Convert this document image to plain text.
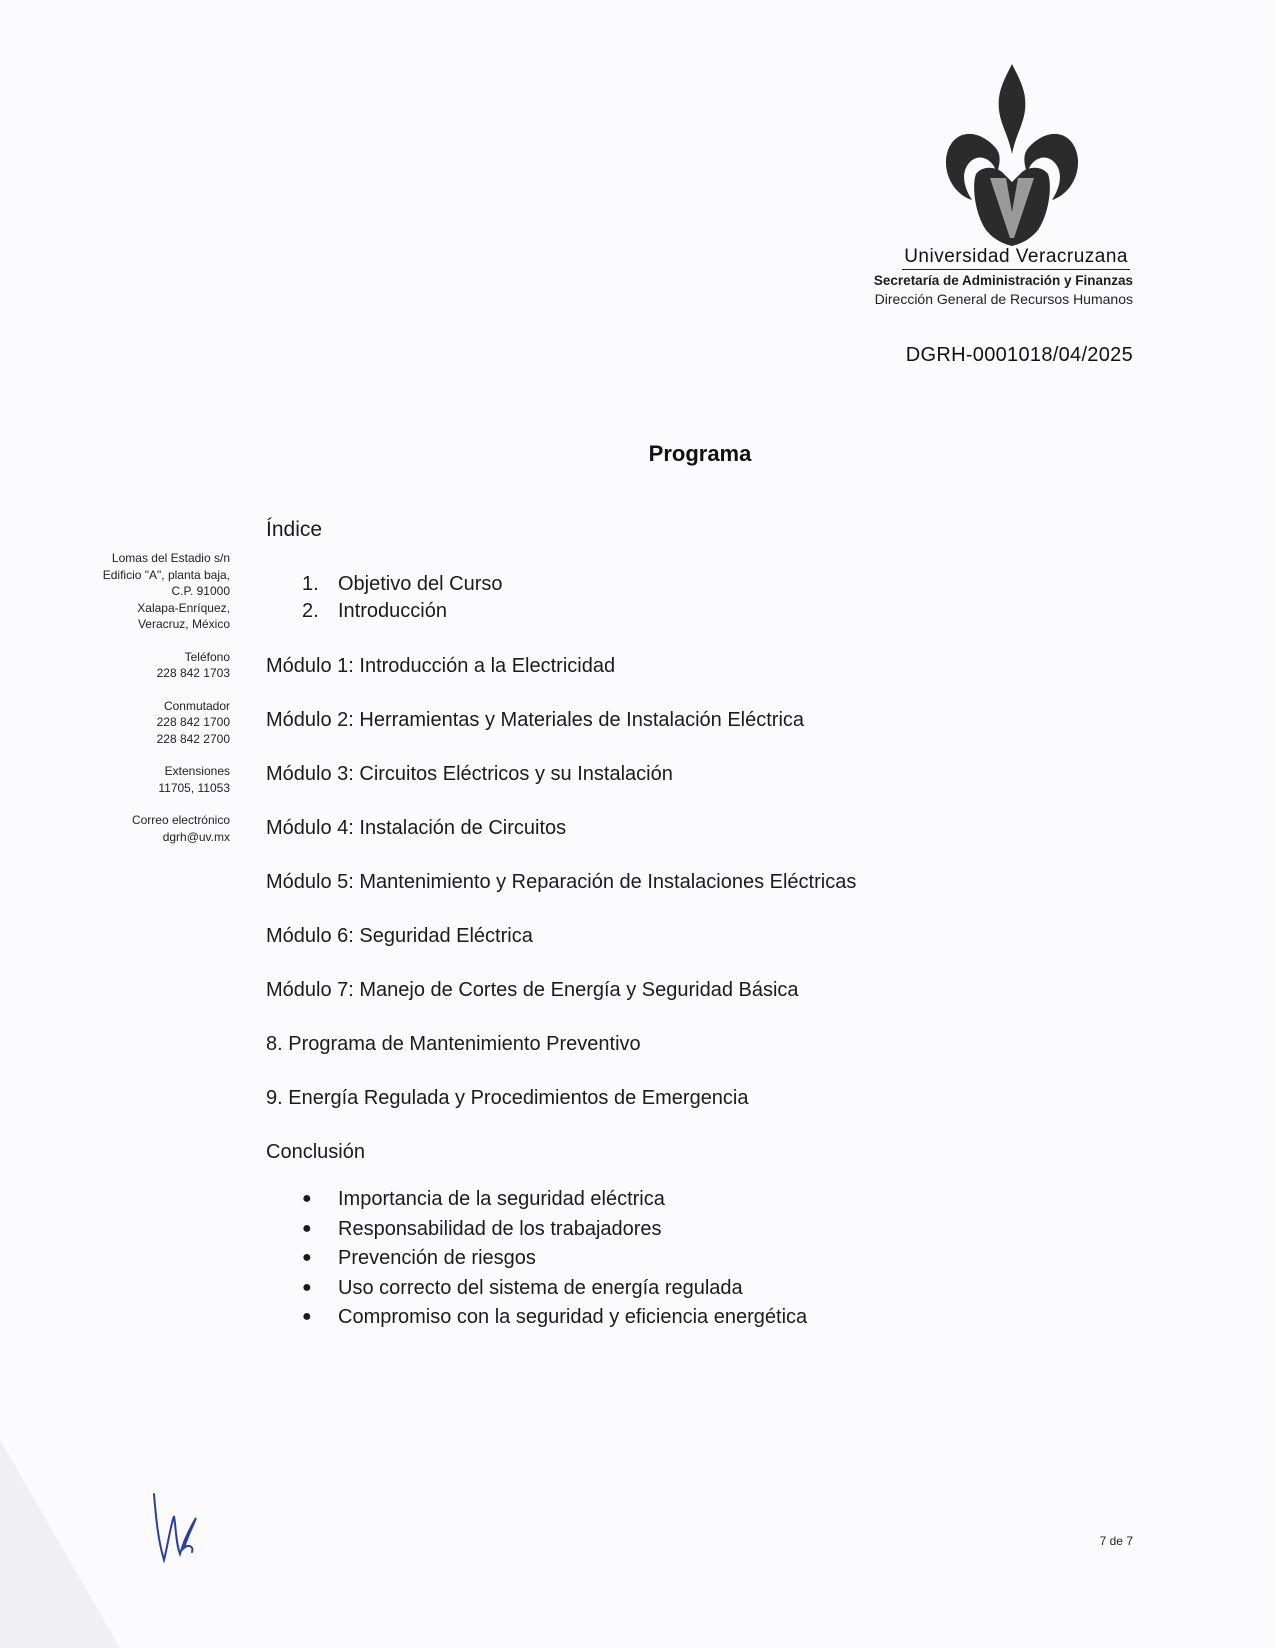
Universidad Veracruzana
Secretaría de Administración y Finanzas
Dirección General de Recursos Humanos
DGRH-0001018/04/2025
Programa
Lomas del Estadio s/n
Edificio "A", planta baja,
C.P. 91000
Xalapa-Enríquez,
Veracruz, México
Teléfono
228 842 1703
Conmutador
228 842 1700
228 842 2700
Extensiones
11705, 11053
Correo electrónico
dgrh@uv.mx
Índice
1. Objetivo del Curso
2. Introducción
Módulo 1: Introducción a la Electricidad
Módulo 2: Herramientas y Materiales de Instalación Eléctrica
Módulo 3: Circuitos Eléctricos y su Instalación
Módulo 4: Instalación de Circuitos
Módulo 5: Mantenimiento y Reparación de Instalaciones Eléctricas
Módulo 6: Seguridad Eléctrica
Módulo 7: Manejo de Cortes de Energía y Seguridad Básica
8. Programa de Mantenimiento Preventivo
9. Energía Regulada y Procedimientos de Emergencia
Conclusión
● Importancia de la seguridad eléctrica
● Responsabilidad de los trabajadores
● Prevención de riesgos
● Uso correcto del sistema de energía regulada
● Compromiso con la seguridad y eficiencia energética
7 de 7
